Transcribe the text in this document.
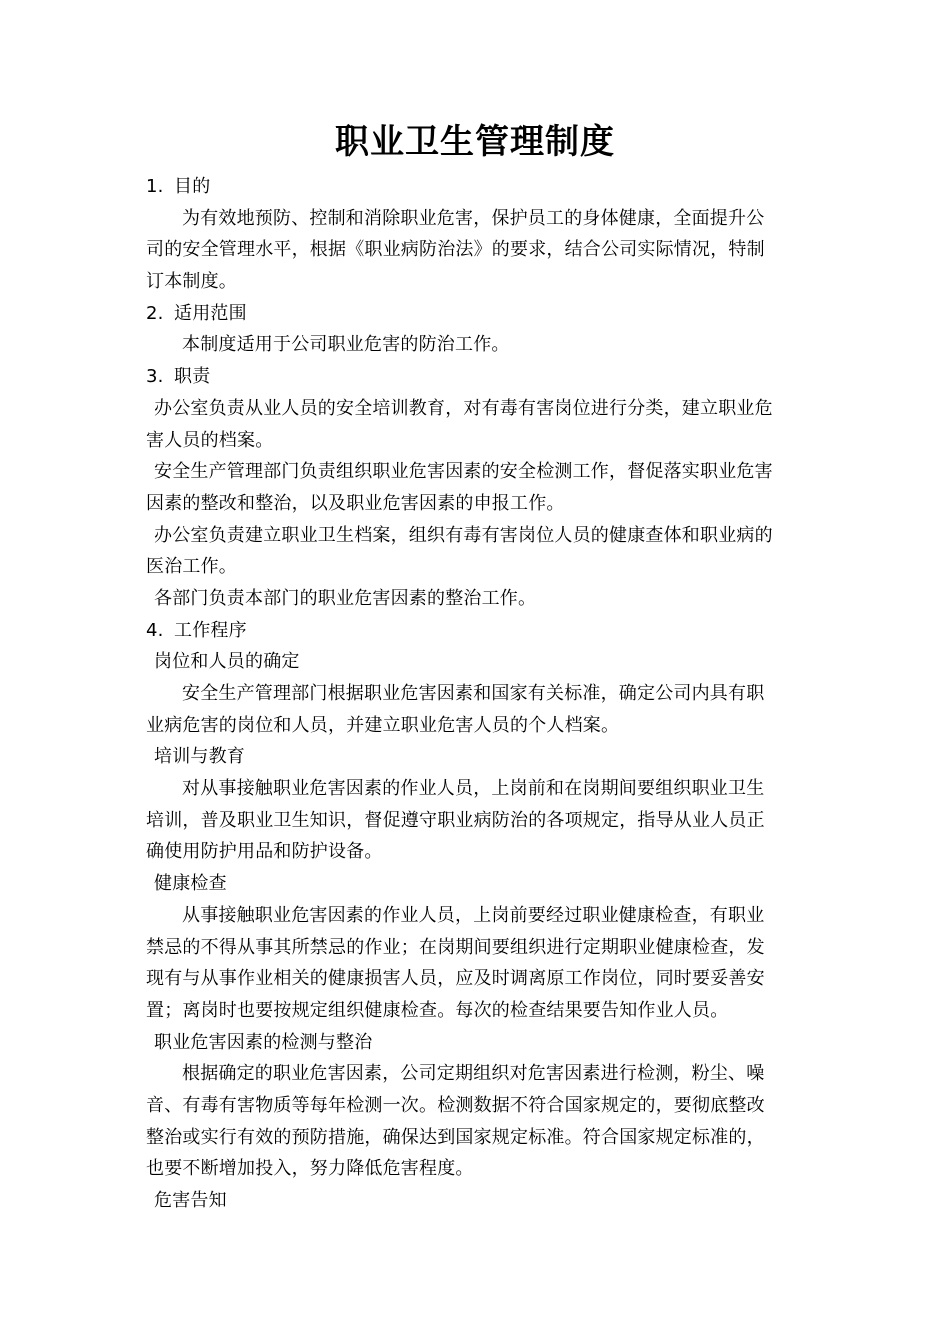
职业卫生管理制度
1. 目的
为有效地预防、控制和消除职业危害，保护员工的身体健康，全面提升公
司的安全管理水平，根据《职业病防治法》的要求，结合公司实际情况，特制
订本制度。
2. 适用范围
本制度适用于公司职业危害的防治工作。
3. 职责
办公室负责从业人员的安全培训教育，对有毒有害岗位进行分类，建立职业危
害人员的档案。
安全生产管理部门负责组织职业危害因素的安全检测工作，督促落实职业危害
因素的整改和整治，以及职业危害因素的申报工作。
办公室负责建立职业卫生档案，组织有毒有害岗位人员的健康查体和职业病的
医治工作。
各部门负责本部门的职业危害因素的整治工作。
4. 工作程序
岗位和人员的确定
安全生产管理部门根据职业危害因素和国家有关标准，确定公司内具有职
业病危害的岗位和人员，并建立职业危害人员的个人档案。
培训与教育
对从事接触职业危害因素的作业人员，上岗前和在岗期间要组织职业卫生
培训，普及职业卫生知识，督促遵守职业病防治的各项规定，指导从业人员正
确使用防护用品和防护设备。
健康检查
从事接触职业危害因素的作业人员，上岗前要经过职业健康检查，有职业
禁忌的不得从事其所禁忌的作业；在岗期间要组织进行定期职业健康检查，发
现有与从事作业相关的健康损害人员，应及时调离原工作岗位，同时要妥善安
置；离岗时也要按规定组织健康检查。每次的检查结果要告知作业人员。
职业危害因素的检测与整治
根据确定的职业危害因素，公司定期组织对危害因素进行检测，粉尘、噪
音、有毒有害物质等每年检测一次。检测数据不符合国家规定的，要彻底整改
整治或实行有效的预防措施，确保达到国家规定标准。符合国家规定标准的，
也要不断增加投入，努力降低危害程度。
危害告知
